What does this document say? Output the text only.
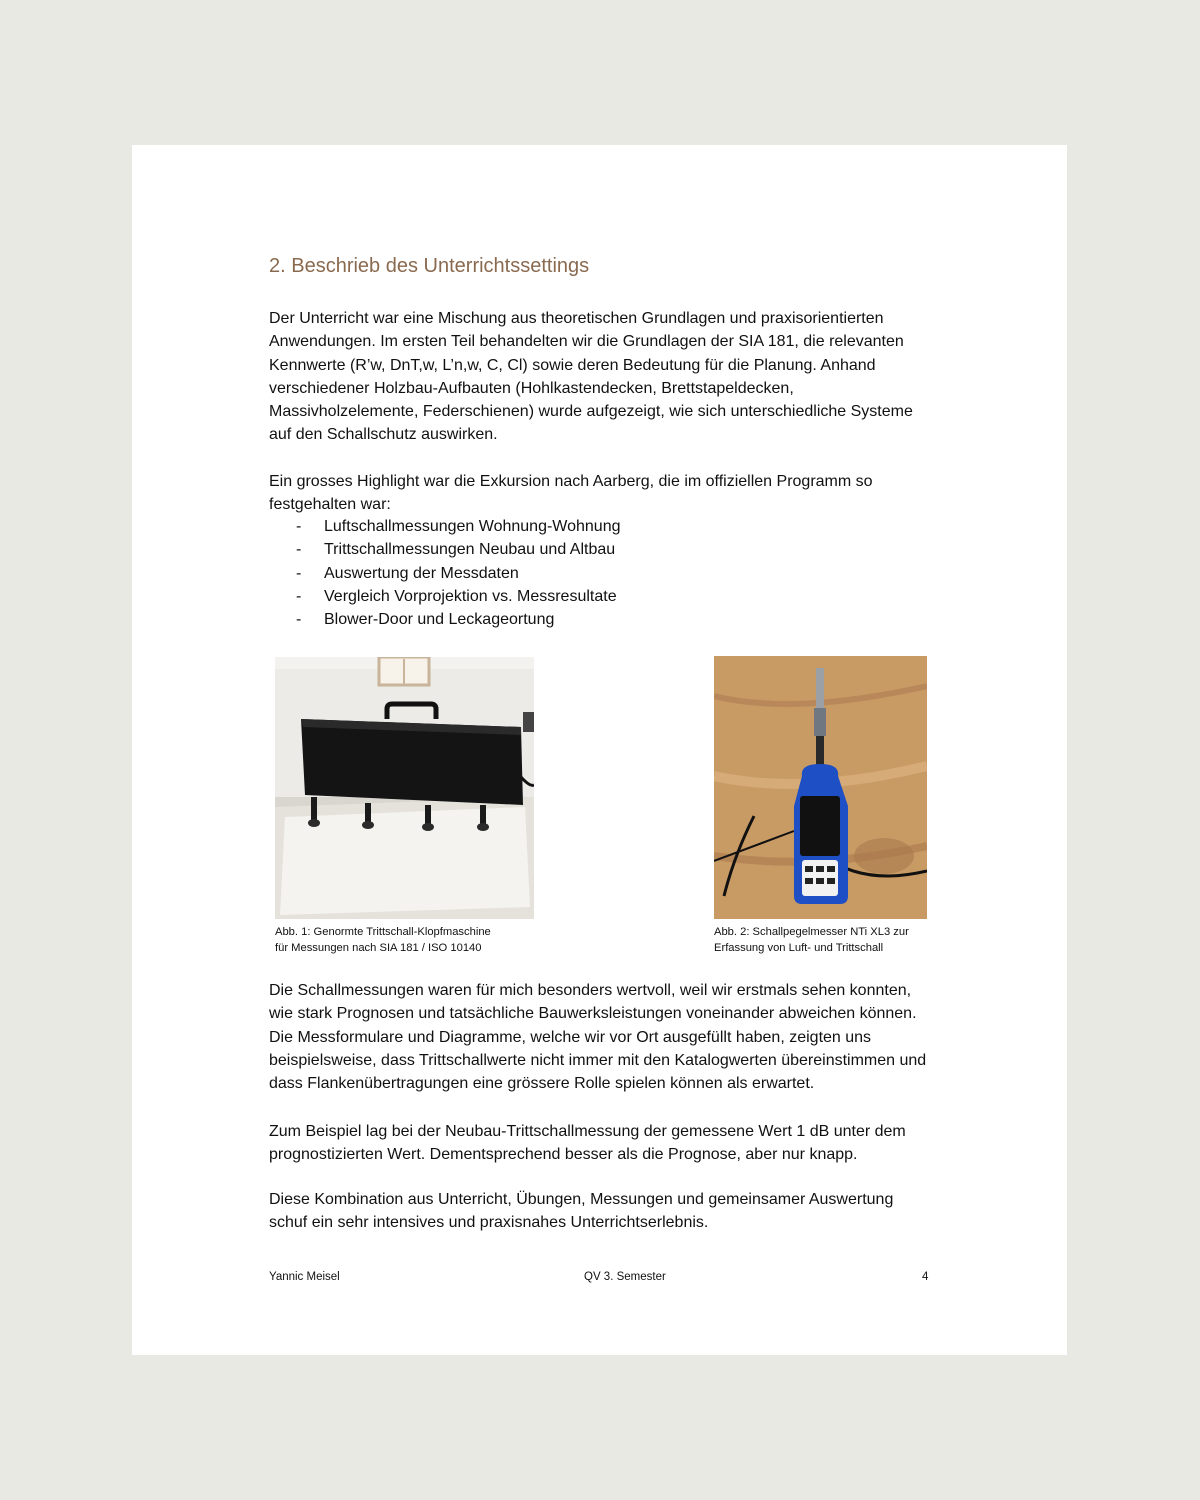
2. Beschrieb des Unterrichtssettings

Der Unterricht war eine Mischung aus theoretischen Grundlagen und praxisorientierten Anwendungen. Im ersten Teil behandelten wir die Grundlagen der SIA 181, die relevanten Kennwerte (R’w, DnT,w, L’n,w, C, Cl) sowie deren Bedeutung für die Planung. Anhand verschiedener Holzbau-Aufbauten (Hohlkastendecken, Brettstapeldecken, Massivholzelemente, Federschienen) wurde aufgezeigt, wie sich unterschiedliche Systeme auf den Schallschutz auswirken.

Ein grosses Highlight war die Exkursion nach Aarberg, die im offiziellen Programm so festgehalten war:

- Luftschallmessungen Wohnung-Wohnung
- Trittschallmessungen Neubau und Altbau
- Auswertung der Messdaten
- Vergleich Vorprojektion vs. Messresultate
- Blower-Door und Leckageortung

Die Schallmessungen waren für mich besonders wertvoll, weil wir erstmals sehen konnten, wie stark Prognosen und tatsächliche Bauwerksleistungen voneinander abweichen können. Die Messformulare und Diagramme, welche wir vor Ort ausgefüllt haben, zeigten uns beispielsweise, dass Trittschallwerte nicht immer mit den Katalogwerten übereinstimmen und dass Flankenübertragungen eine grössere Rolle spielen können als erwartet.

Zum Beispiel lag bei der Neubau-Trittschallmessung der gemessene Wert 1 dB unter dem prognostizierten Wert. Dementsprechend besser als die Prognose, aber nur knapp.

Diese Kombination aus Unterricht, Übungen, Messungen und gemeinsamer Auswertung schuf ein sehr intensives und praxisnahes Unterrichtserlebnis.

Abb. 1: Genormte Trittschall-Klopfmaschine
für Messungen nach SIA 181 / ISO 10140
Abb. 2: Schallpegelmesser NTi XL3 zur
Erfassung von Luft- und Trittschall
Yannic Meisel	QV 3. Semester	4
